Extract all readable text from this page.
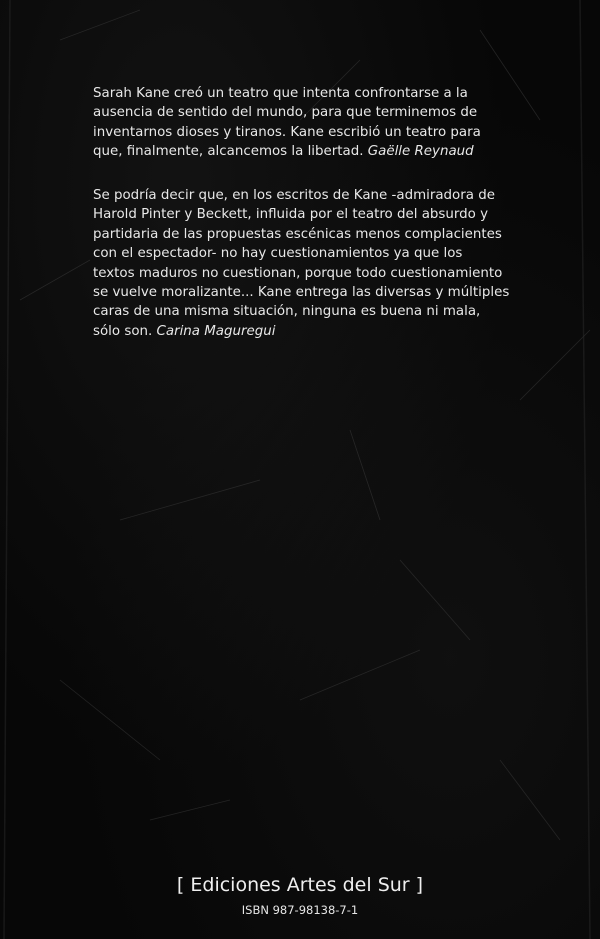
Sarah Kane creó un teatro que intenta confrontarse a la

ausencia de sentido del mundo, para que terminemos de

inventarnos dioses y tiranos. Kane escribió un teatro para

que, finalmente, alcancemos la libertad. Gaëlle Reynaud

Se podría decir que, en los escritos de Kane -admiradora de

Harold Pinter y Beckett, influida por el teatro del absurdo y

partidaria de las propuestas escénicas menos complacientes

con el espectador- no hay cuestionamientos ya que los

textos maduros no cuestionan, porque todo cuestionamiento

se vuelve moralizante... Kane entrega las diversas y múltiples

caras de una misma situación, ninguna es buena ni mala,

sólo son. Carina Maguregui

[ Ediciones Artes del Sur ]
ISBN 987-98138-7-1
